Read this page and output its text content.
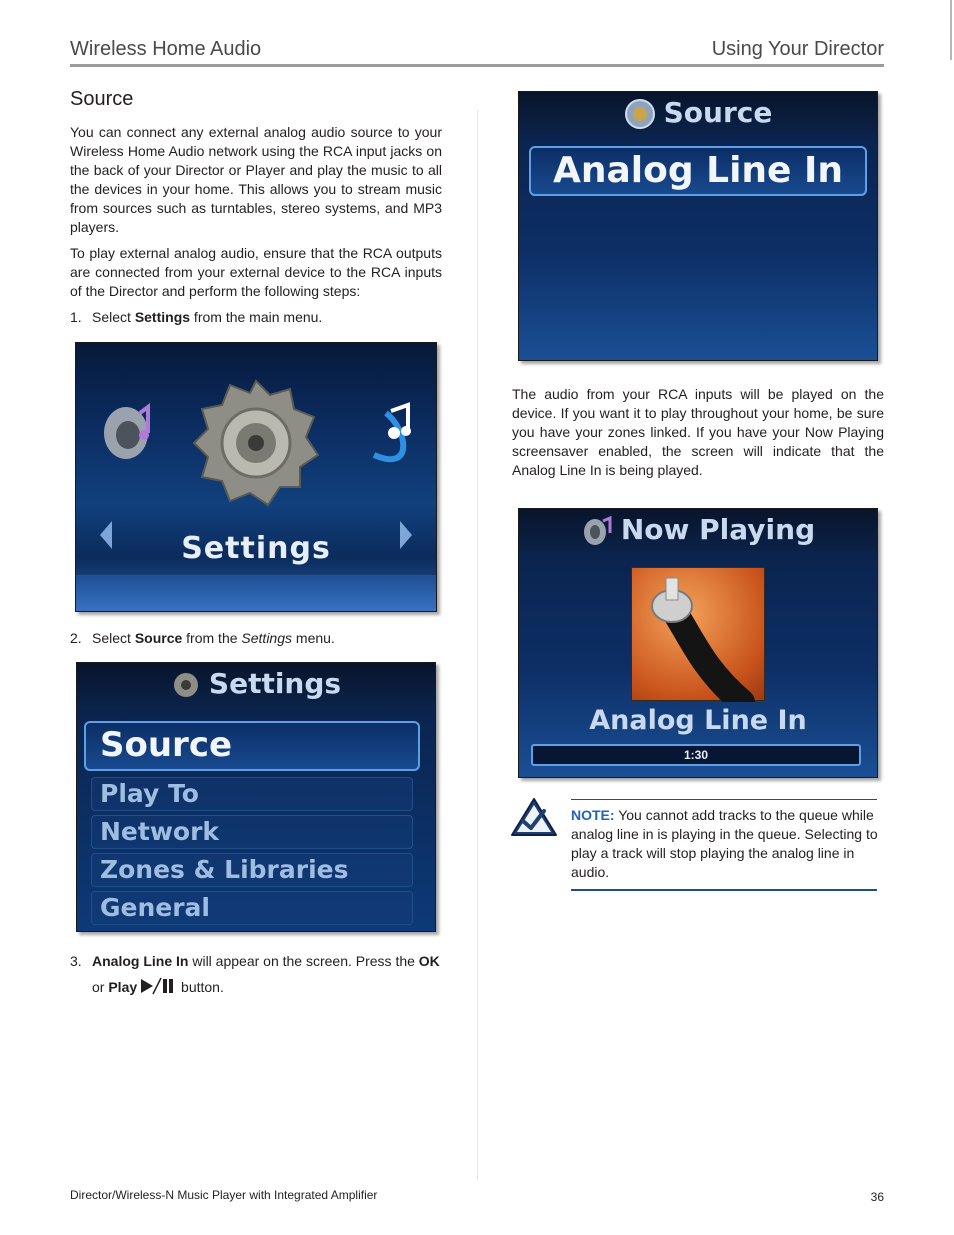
Wireless Home Audio	Using Your Director
Source

You can connect any external analog audio source to your Wireless Home Audio network using the RCA input jacks on the back of your Director or Player and play the music to all the devices in your home. This allows you to stream music from sources such as turntables, stereo systems, and MP3 players.

To play external analog audio, ensure that the RCA outputs are connected from your external device to the RCA inputs of the Director and perform the following steps:

1. Select Settings from the main menu.
Settings
2. Select Source from the Settings menu.
Settings
Source
Play To
Network
Zones & Libraries
General
3. Analog Line In will appear on the screen. Press the OK
or Play	button.
Source
Analog Line In

The audio from your RCA inputs will be played on the device. If you want it to play throughout your home, be sure you have your zones linked. If you have your Now Playing screensaver enabled, the screen will indicate that the Analog Line In is being played.

Now Playing
Analog Line In
1:30

NOTE: You cannot add tracks to the queue while analog line in is playing in the queue. Selecting to play a track will stop playing the analog line in audio.

Director/Wireless-N Music Player with Integrated Amplifier	36
